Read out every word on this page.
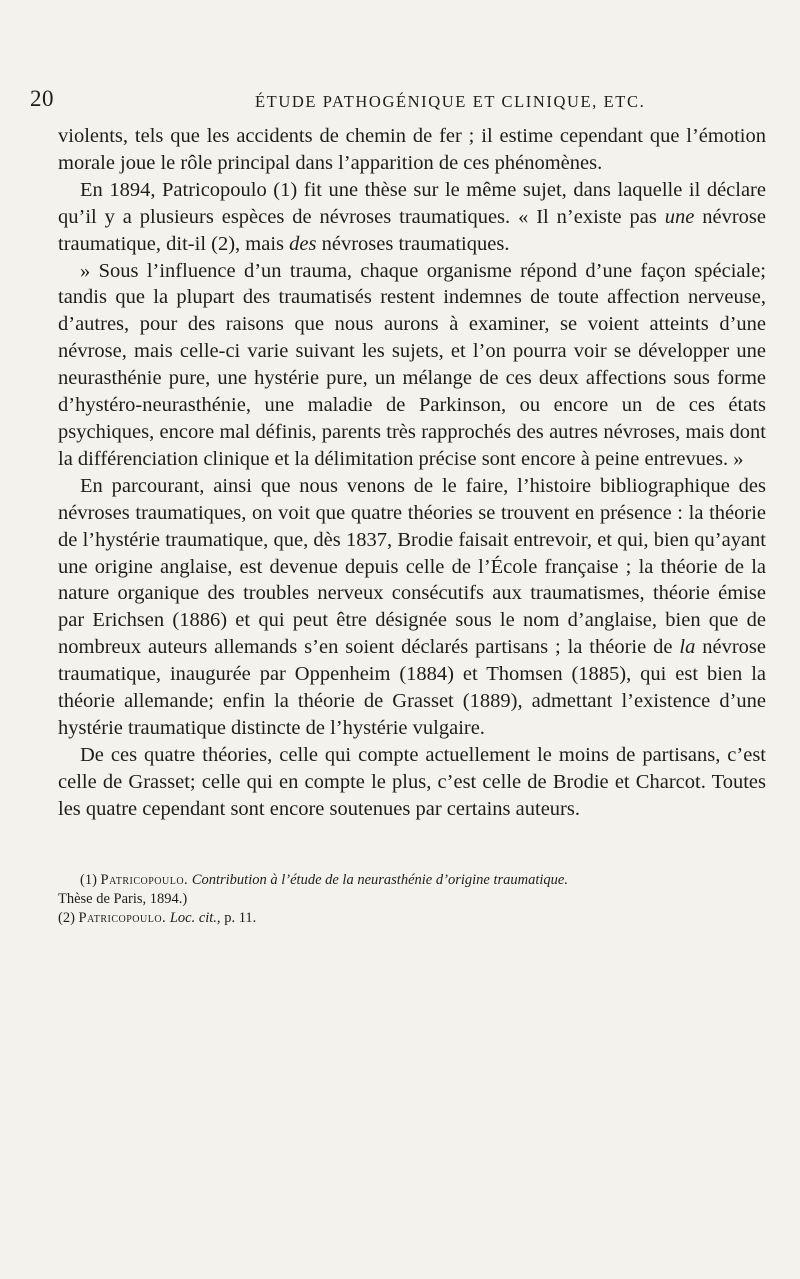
20	ÉTUDE PATHOGÉNIQUE ET CLINIQUE, ETC.

violents, tels que les accidents de chemin de fer ; il estime cependant que l’émotion morale joue le rôle principal dans l’apparition de ces phénomènes.

En 1894, Patricopoulo (1) fit une thèse sur le même sujet, dans laquelle il déclare qu’il y a plusieurs espèces de névroses traumatiques. « Il n’existe pas une névrose traumatique, dit-il (2), mais des névroses traumatiques.

» Sous l’influence d’un trauma, chaque organisme répond d’une façon spéciale; tandis que la plupart des traumatisés restent indemnes de toute affection nerveuse, d’autres, pour des raisons que nous aurons à examiner, se voient atteints d’une névrose, mais celle-ci varie suivant les sujets, et l’on pourra voir se développer une neurasthénie pure, une hystérie pure, un mélange de ces deux affections sous forme d’hystéro-neurasthénie, une maladie de Parkinson, ou encore un de ces états psychiques, encore mal définis, parents très rapprochés des autres névroses, mais dont la différenciation clinique et la délimitation précise sont encore à peine entrevues. »

En parcourant, ainsi que nous venons de le faire, l’histoire bibliographique des névroses traumatiques, on voit que quatre théories se trouvent en présence : la théorie de l’hystérie traumatique, que, dès 1837, Brodie faisait entrevoir, et qui, bien qu’ayant une origine anglaise, est devenue depuis celle de l’École française ; la théorie de la nature organique des troubles nerveux consécutifs aux traumatismes, théorie émise par Erichsen (1886) et qui peut être désignée sous le nom d’anglaise, bien que de nombreux auteurs allemands s’en soient déclarés partisans ; la théorie de la névrose traumatique, inaugurée par Oppenheim (1884) et Thomsen (1885), qui est bien la théorie allemande; enfin la théorie de Grasset (1889), admettant l’existence d’une hystérie traumatique distincte de l’hystérie vulgaire.

De ces quatre théories, celle qui compte actuellement le moins de partisans, c’est celle de Grasset; celle qui en compte le plus, c’est celle de Brodie et Charcot. Toutes les quatre cependant sont encore soutenues par certains auteurs.

(1) Patricopoulo. Contribution à l’étude de la neurasthénie d’origine traumatique.

Thèse de Paris, 1894.)

(2) Patricopoulo. Loc. cit., p. 11.
